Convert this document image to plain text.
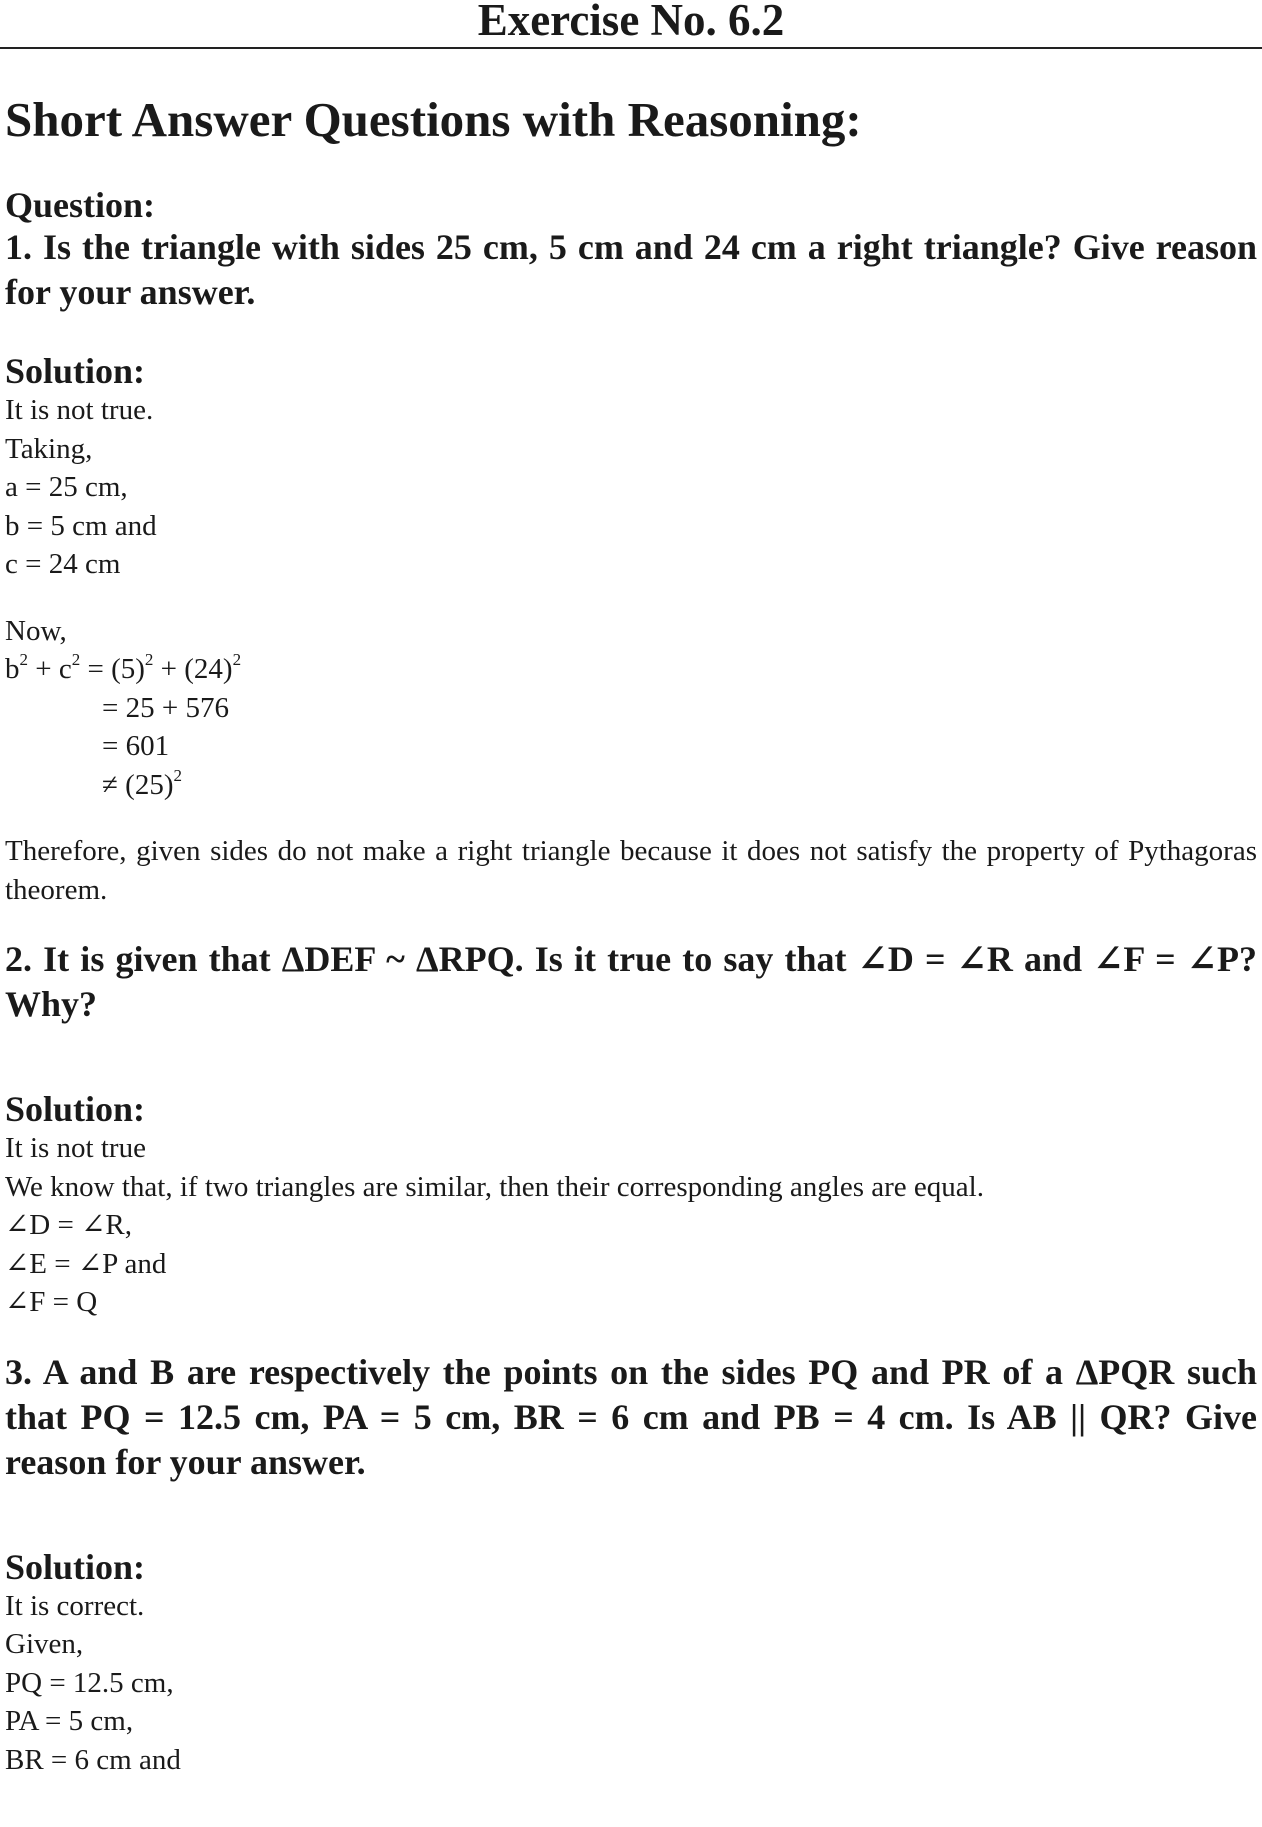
Exercise No. 6.2
Short Answer Questions with Reasoning:

Question:

1. Is the triangle with sides 25 cm, 5 cm and 24 cm a right triangle? Give reason for your answer.

Solution:

It is not true.

Taking,

a = 25 cm,

b = 5 cm and

c = 24 cm

Now,

$b^2 + c^2 = (5)^2 + (24)^2$

= 25 + 576

= 601

≠ $(25)^2$

Therefore, given sides do not make a right triangle because it does not satisfy the property of Pythagoras theorem.

2. It is given that ΔDEF ~ ΔRPQ. Is it true to say that ∠D = ∠R and ∠F = ∠P? Why?

Solution:

It is not true

We know that, if two triangles are similar, then their corresponding angles are equal.

∠D = ∠R,

∠E = ∠P and

∠F = Q

3. A and B are respectively the points on the sides PQ and PR of a ΔPQR such that PQ = 12.5 cm, PA = 5 cm, BR = 6 cm and PB = 4 cm. Is AB || QR? Give reason for your answer.

Solution:

It is correct.

Given,

PQ = 12.5 cm,

PA = 5 cm,

BR = 6 cm and
